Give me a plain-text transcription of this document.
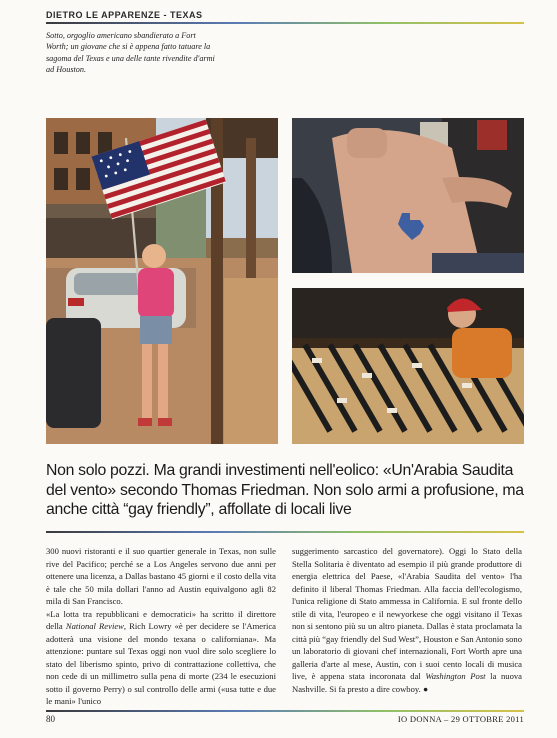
DIETRO LE APPARENZE - TEXAS
Sotto, orgoglio americano sbandierato a Fort Worth; un giovane che si è appena fatto tatuare la sagoma del Texas e una delle tante rivendite d'armi ad Houston.
Non solo pozzi. Ma grandi investimenti nell'eolico: «Un'Arabia Saudita del vento» secondo Thomas Friedman. Non solo armi a profusione, ma anche città “gay friendly”, affollate di locali live

300 nuovi ristoranti e il suo quartier generale in Texas, non sulle rive del Pacifico; perché se a Los Angeles servono due anni per ottenere una licenza, a Dallas bastano 45 giorni e il costo della vita è tale che 50 mila dollari l'anno ad Austin equivalgono agli 82 mila di San Francisco.

«La lotta tra repubblicani e democratici» ha scritto il direttore della National Review, Rich Lowry «è per decidere se l'America adotterà una visione del mondo texana o californiana». Ma attenzione: puntare sul Texas oggi non vuol dire solo scegliere lo stato del liberismo spinto, privo di contrattazione collettiva, che non cede di un millimetro sulla pena di morte (234 le esecuzioni sotto il governo Perry) o sul controllo delle armi («usa tutte e due le mani» l'unico

suggerimento sarcastico del governatore). Oggi lo Stato della Stella Solitaria è diventato ad esempio il più grande produttore di energia elettrica del Paese, «l'Arabia Saudita del vento» l'ha definito il liberal Thomas Friedman. Alla faccia dell'ecologismo, l'unica religione di Stato ammessa in California. E sul fronte dello stile di vita, l'europeo e il newyorkese che oggi visitano il Texas non si sentono più su un altro pianeta. Dallas è stata proclamata la città più “gay friendly del Sud West”, Houston e San Antonio sono un laboratorio di giovani chef internazionali, Fort Worth apre una galleria d'arte al mese, Austin, con i suoi cento locali di musica live, è appena stata incoronata dal Washington Post la nuova Nashville. Si fa presto a dire cowboy. ●

80	IO DONNA – 29 OTTOBRE 2011
